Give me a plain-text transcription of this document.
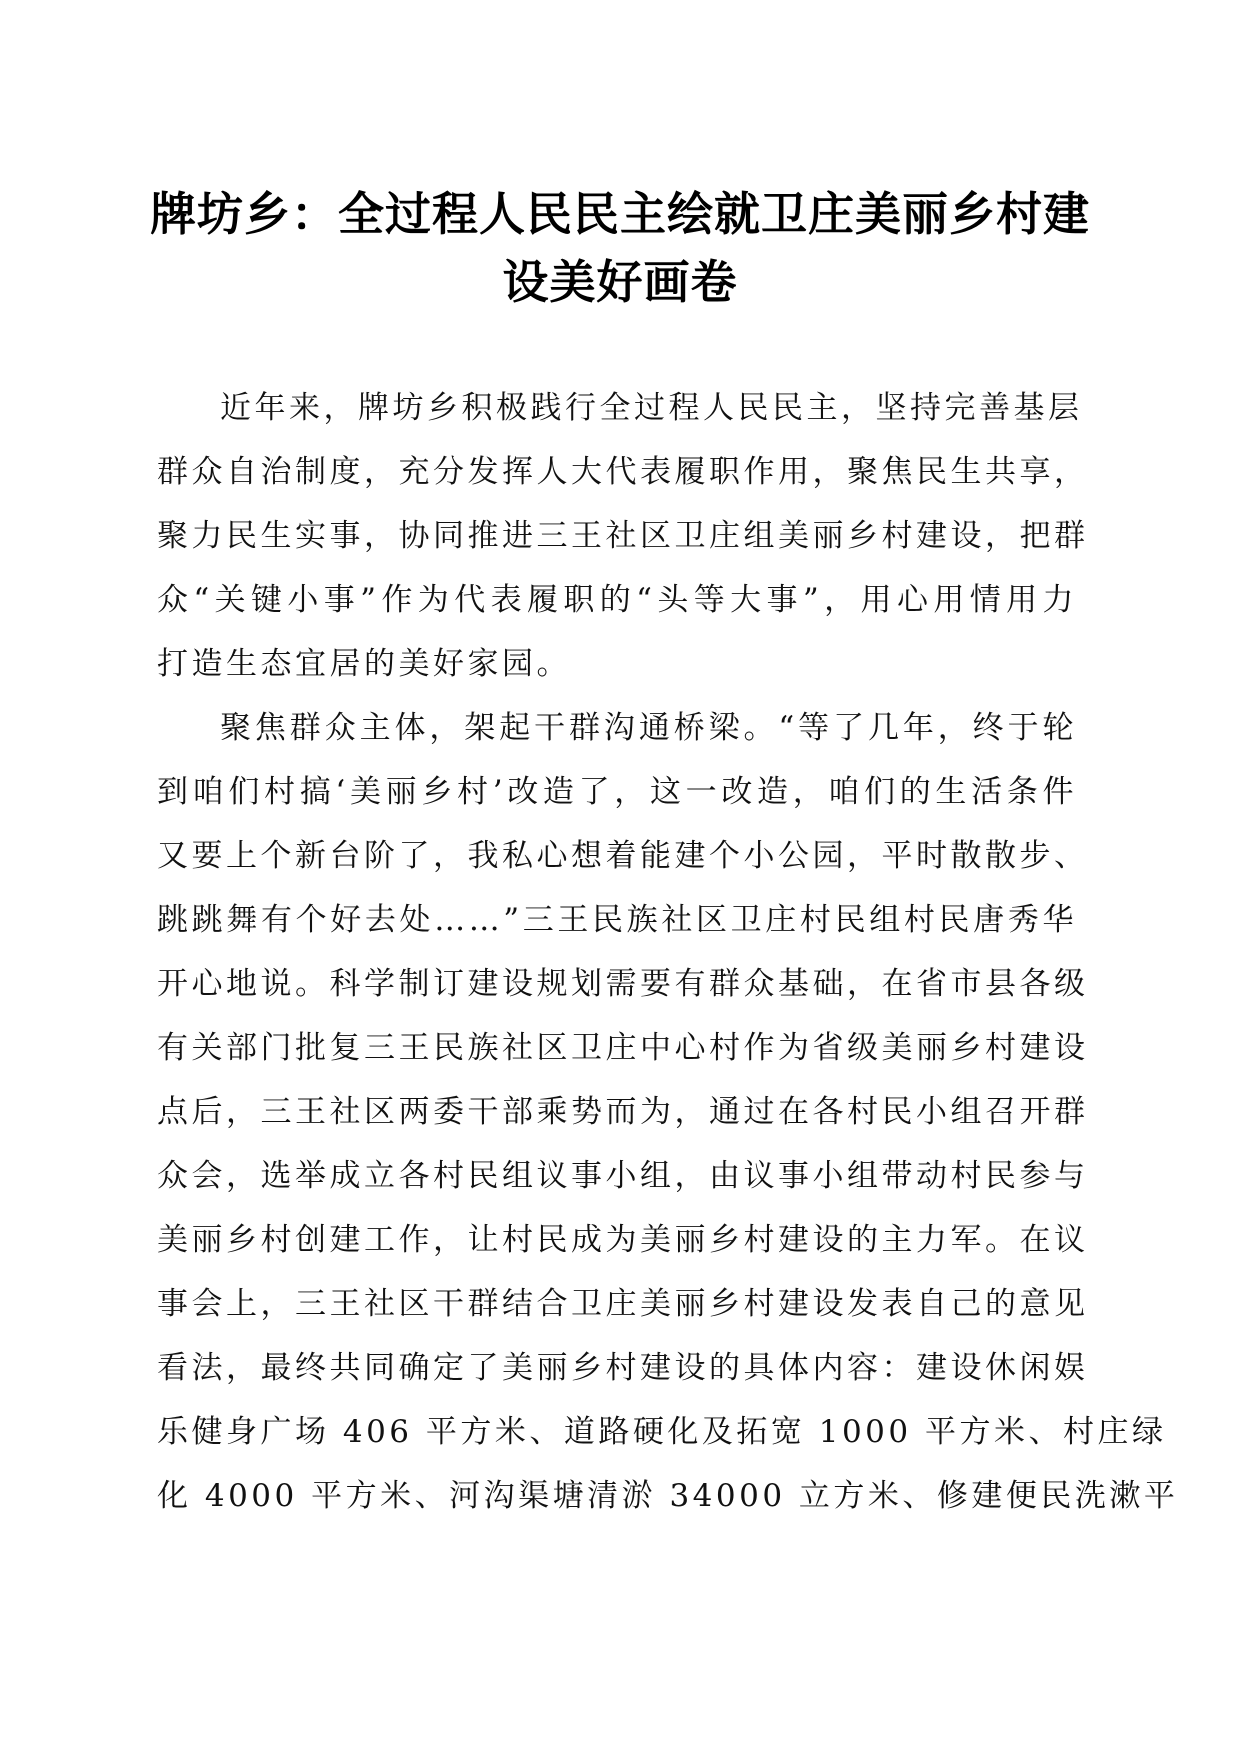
牌坊乡：全过程人民民主绘就卫庄美丽乡村建
设美好画卷
近年来，牌坊乡积极践行全过程人民民主，坚持完善基层
群众自治制度，充分发挥人大代表履职作用，聚焦民生共享，
聚力民生实事，协同推进三王社区卫庄组美丽乡村建设，把群
众“关键小事”作为代表履职的“头等大事”，用心用情用力
打造生态宜居的美好家园。
聚焦群众主体，架起干群沟通桥梁。“等了几年，终于轮
到咱们村搞‘美丽乡村’改造了，这一改造，咱们的生活条件
又要上个新台阶了，我私心想着能建个小公园，平时散散步、
跳跳舞有个好去处……”三王民族社区卫庄村民组村民唐秀华
开心地说。科学制订建设规划需要有群众基础，在省市县各级
有关部门批复三王民族社区卫庄中心村作为省级美丽乡村建设
点后，三王社区两委干部乘势而为，通过在各村民小组召开群
众会，选举成立各村民组议事小组，由议事小组带动村民参与
美丽乡村创建工作，让村民成为美丽乡村建设的主力军。在议
事会上，三王社区干群结合卫庄美丽乡村建设发表自己的意见
看法，最终共同确定了美丽乡村建设的具体内容：建设休闲娱
乐健身广场 406 平方米、道路硬化及拓宽 1000 平方米、村庄绿
化 4000 平方米、河沟渠塘清淤 34000 立方米、修建便民洗漱平
